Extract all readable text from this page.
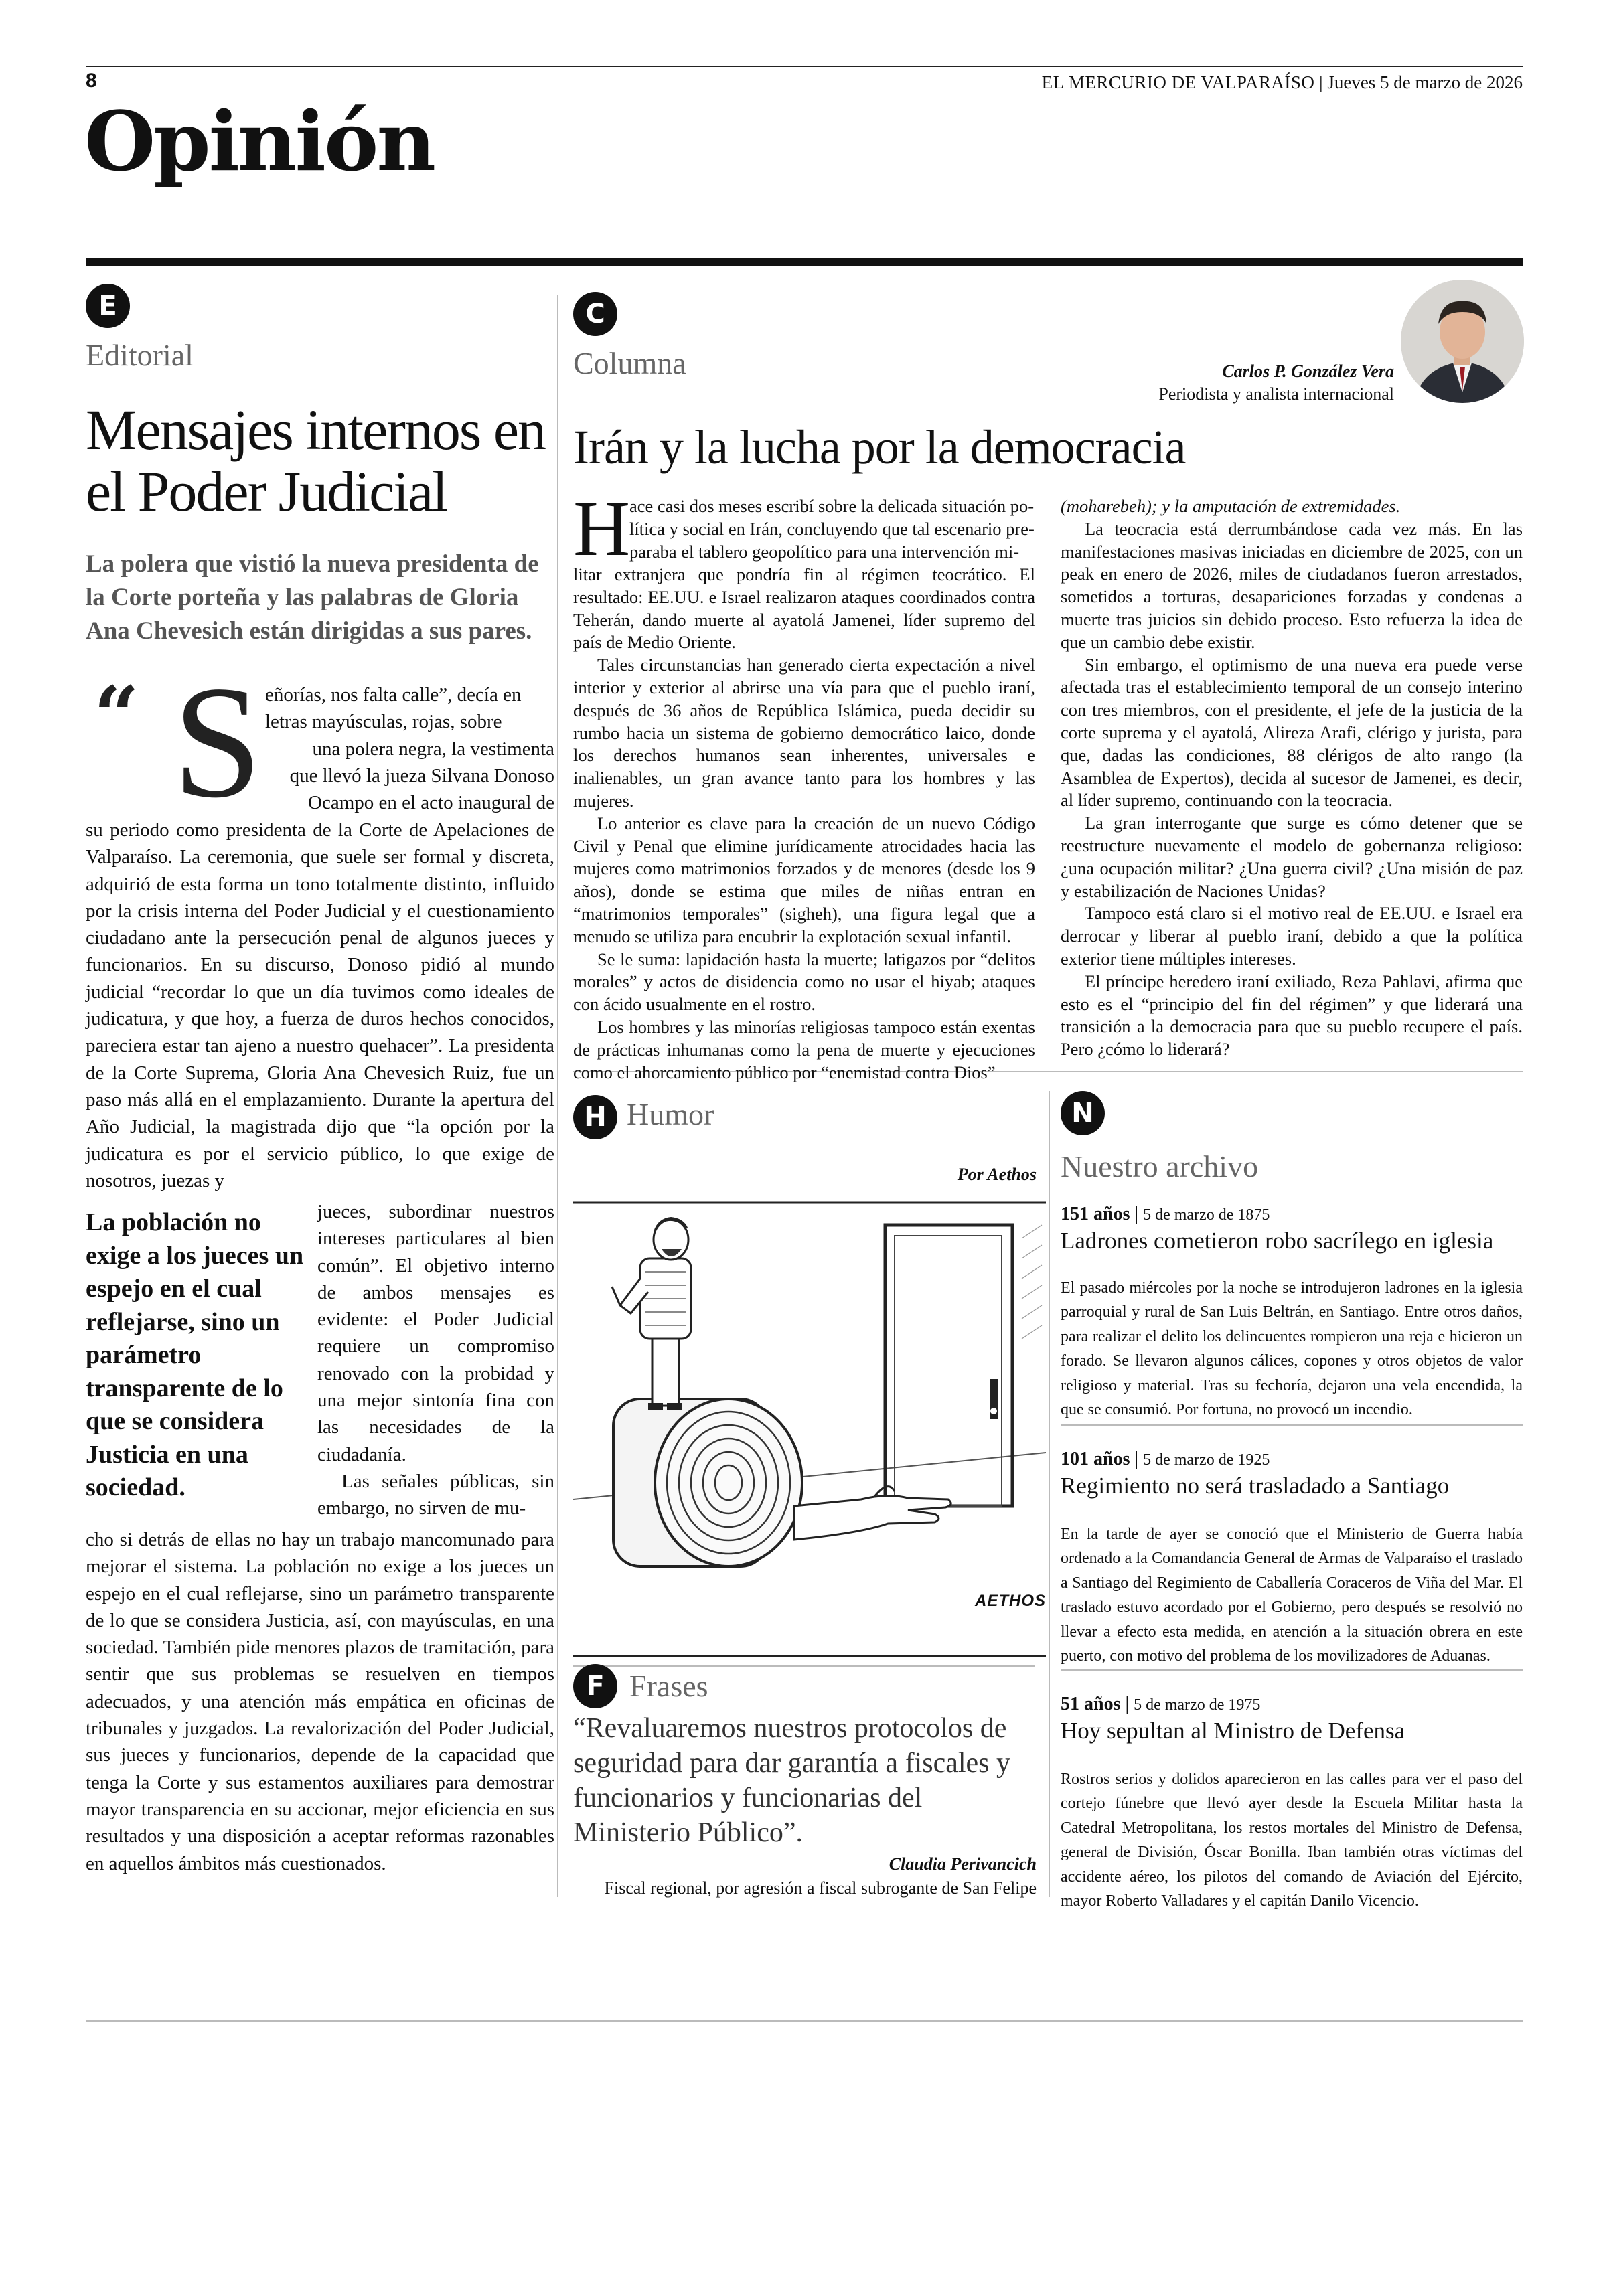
8	EL MERCURIO DE VALPARAÍSO | Jueves 5 de marzo de 2026
Opinión
E
Editorial
Mensajes internos en el Poder Judicial
La polera que vistió la nueva presidenta de la Corte porteña y las palabras de Gloria Ana Chevesich están dirigidas a sus pares.
“ S eñorías, nos falta calle”, decía en
letras mayúsculas, rojas, sobre
una polera negra, la vestimenta
que llevó la jueza Silvana Donoso
Ocampo en el acto inaugural de
su periodo como presidenta de la Corte de Apelaciones de Valparaíso. La ceremonia, que suele ser formal y discreta, adquirió de esta forma un tono totalmente distinto, influido por la crisis interna del Poder Judicial y el cuestionamiento ciudadano ante la persecución penal de algunos jueces y funcionarios. En su discurso, Donoso pidió al mundo judicial “recordar lo que un día tuvimos como ideales de judicatura, y que hoy, a fuerza de duros hechos conocidos, pareciera estar tan ajeno a nuestro quehacer”. La presidenta de la Corte Suprema, Gloria Ana Chevesich Ruiz, fue un paso más allá en el emplazamiento. Durante la apertura del Año Judicial, la magistrada dijo que “la opción por la judicatura es por el servicio público, lo que exige de nosotros, juezas y
La población no exige a los jueces un espejo en el cual reflejarse, sino un parámetro transparente de lo que se considera Justicia en una sociedad.

jueces, subordinar nuestros intereses particulares al bien común”. El objetivo interno de ambos mensajes es evidente: el Poder Judicial requiere un compromiso renovado con la probidad y una mejor sintonía fina con las necesidades de la ciudadanía.

Las señales públicas, sin embargo, no sirven de mu-

cho si detrás de ellas no hay un trabajo mancomunado para mejorar el sistema. La población no exige a los jueces un espejo en el cual reflejarse, sino un parámetro transparente de lo que se considera Justicia, así, con mayúsculas, en una sociedad. También pide menores plazos de tramitación, para sentir que sus problemas se resuelven en tiempos adecuados, y una atención más empática en oficinas de tribunales y juzgados. La revalorización del Poder Judicial, sus jueces y funcionarios, depende de la capacidad que tenga la Corte y sus estamentos auxiliares para demostrar mayor transparencia en su accionar, mejor eficiencia en sus resultados y una disposición a aceptar reformas razonables en aquellos ámbitos más cuestionados.
C
Columna	Carlos P. González Vera
Periodista y analista internacional
Irán y la lucha por la democracia
H
ace casi dos meses escribí sobre la delicada situación po-
lítica y social en Irán, concluyendo que tal escenario pre-
paraba el tablero geopolítico para una intervención mi-

litar extranjera que pondría fin al régimen teocrático. El resultado: EE.UU. e Israel realizaron ataques coordinados contra Teherán, dando muerte al ayatolá Jamenei, líder supremo del país de Medio Oriente.

Tales circunstancias han generado cierta expectación a nivel interior y exterior al abrirse una vía para que el pueblo iraní, después de 36 años de República Islámica, pueda decidir su rumbo hacia un sistema de gobierno democrático laico, donde los derechos humanos sean inherentes, universales e inalienables, un gran avance tanto para los hombres y las mujeres.

Lo anterior es clave para la creación de un nuevo Código Civil y Penal que elimine jurídicamente atrocidades hacia las mujeres como matrimonios forzados y de menores (desde los 9 años), donde se estima que miles de niñas entran en “matrimonios temporales” (sigheh), una figura legal que a menudo se utiliza para encubrir la explotación sexual infantil.

Se le suma: lapidación hasta la muerte; latigazos por “delitos morales” y actos de disidencia como no usar el hiyab; ataques con ácido usualmente en el rostro.

Los hombres y las minorías religiosas tampoco están exentas de prácticas inhumanas como la pena de muerte y ejecuciones como el ahorcamiento público por “enemistad contra Dios”

(moharebeh); y la amputación de extremidades.

La teocracia está derrumbándose cada vez más. En las manifestaciones masivas iniciadas en diciembre de 2025, con un peak en enero de 2026, miles de ciudadanos fueron arrestados, sometidos a torturas, desapariciones forzadas y condenas a muerte tras juicios sin debido proceso. Esto refuerza la idea de que un cambio debe existir.

Sin embargo, el optimismo de una nueva era puede verse afectada tras el establecimiento temporal de un consejo interino con tres miembros, con el presidente, el jefe de la justicia de la corte suprema y el ayatolá, Alireza Arafi, clérigo y jurista, para que, dadas las condiciones, 88 clérigos de alto rango (la Asamblea de Expertos), decida al sucesor de Jamenei, es decir, al líder supremo, continuando con la teocracia.

La gran interrogante que surge es cómo detener que se reestructure nuevamente el modelo de gobernanza religioso: ¿una ocupación militar? ¿Una guerra civil? ¿Una misión de paz y estabilización de Naciones Unidas?

Tampoco está claro si el motivo real de EE.UU. e Israel era derrocar y liberar al pueblo iraní, debido a que la política exterior tiene múltiples intereses.

El príncipe heredero iraní exiliado, Reza Pahlavi, afirma que esto es el “principio del fin del régimen” y que liderará una transición a la democracia para que su pueblo recupere el país. Pero ¿cómo lo liderará?

H Humor
Por Aethos
AETHOS
F Frases
“Revaluaremos nuestros protocolos de seguridad para dar garantía a fiscales y funcionarios y funcionarias del Ministerio Público”.
Claudia Perivancich
Fiscal regional, por agresión a fiscal subrogante de San Felipe
N
Nuestro archivo
151 años | 5 de marzo de 1875
Ladrones cometieron robo sacrílego en iglesia
El pasado miércoles por la noche se introdujeron ladrones en la iglesia parroquial y rural de San Luis Beltrán, en Santiago. Entre otros daños, para realizar el delito los delincuentes rompieron una reja e hicieron un forado. Se llevaron algunos cálices, copones y otros objetos de valor religioso y material. Tras su fechoría, dejaron una vela encendida, la que se consumió. Por fortuna, no provocó un incendio.
101 años | 5 de marzo de 1925
Regimiento no será trasladado a Santiago
En la tarde de ayer se conoció que el Ministerio de Guerra había ordenado a la Comandancia General de Armas de Valparaíso el traslado a Santiago del Regimiento de Caballería Coraceros de Viña del Mar. El traslado estuvo acordado por el Gobierno, pero después se resolvió no llevar a efecto esta medida, en atención a la situación obrera en este puerto, con motivo del problema de los movilizadores de Aduanas.
51 años | 5 de marzo de 1975
Hoy sepultan al Ministro de Defensa
Rostros serios y dolidos aparecieron en las calles para ver el paso del cortejo fúnebre que llevó ayer desde la Escuela Militar hasta la Catedral Metropolitana, los restos mortales del Ministro de Defensa, general de División, Óscar Bonilla. Iban también otras víctimas del accidente aéreo, los pilotos del comando de Aviación del Ejército, mayor Roberto Valladares y el capitán Danilo Vicencio.
